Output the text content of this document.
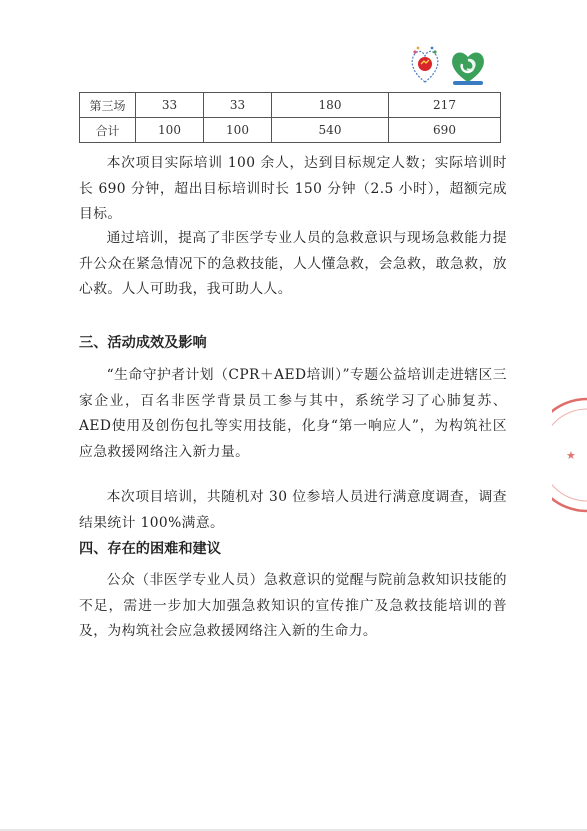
第三场	33	33	180	217
合计	100	100	540	690

本次项目实际培训 100 余人，达到目标规定人数；实际培训时长 690 分钟，超出目标培训时长 150 分钟（2.5 小时），超额完成目标。

通过培训，提高了非医学专业人员的急救意识与现场急救能力提升公众在紧急情况下的急救技能，人人懂急救，会急救，敢急救，放心救。人人可助我，我可助人人。

三、活动成效及影响

“生命守护者计划（CPR＋AED培训）”专题公益培训走进辖区三家企业，百名非医学背景员工参与其中，系统学习了心肺复苏、AED使用及创伤包扎等实用技能，化身“第一响应人”，为构筑社区应急救援网络注入新力量。

本次项目培训，共随机对 30 位参培人员进行满意度调查，调查结果统计 100%满意。

四、存在的困难和建议

公众（非医学专业人员）急救意识的觉醒与院前急救知识技能的不足，需进一步加大加强急救知识的宣传推广及急救技能培训的普及，为构筑社会应急救援网络注入新的生命力。

★
